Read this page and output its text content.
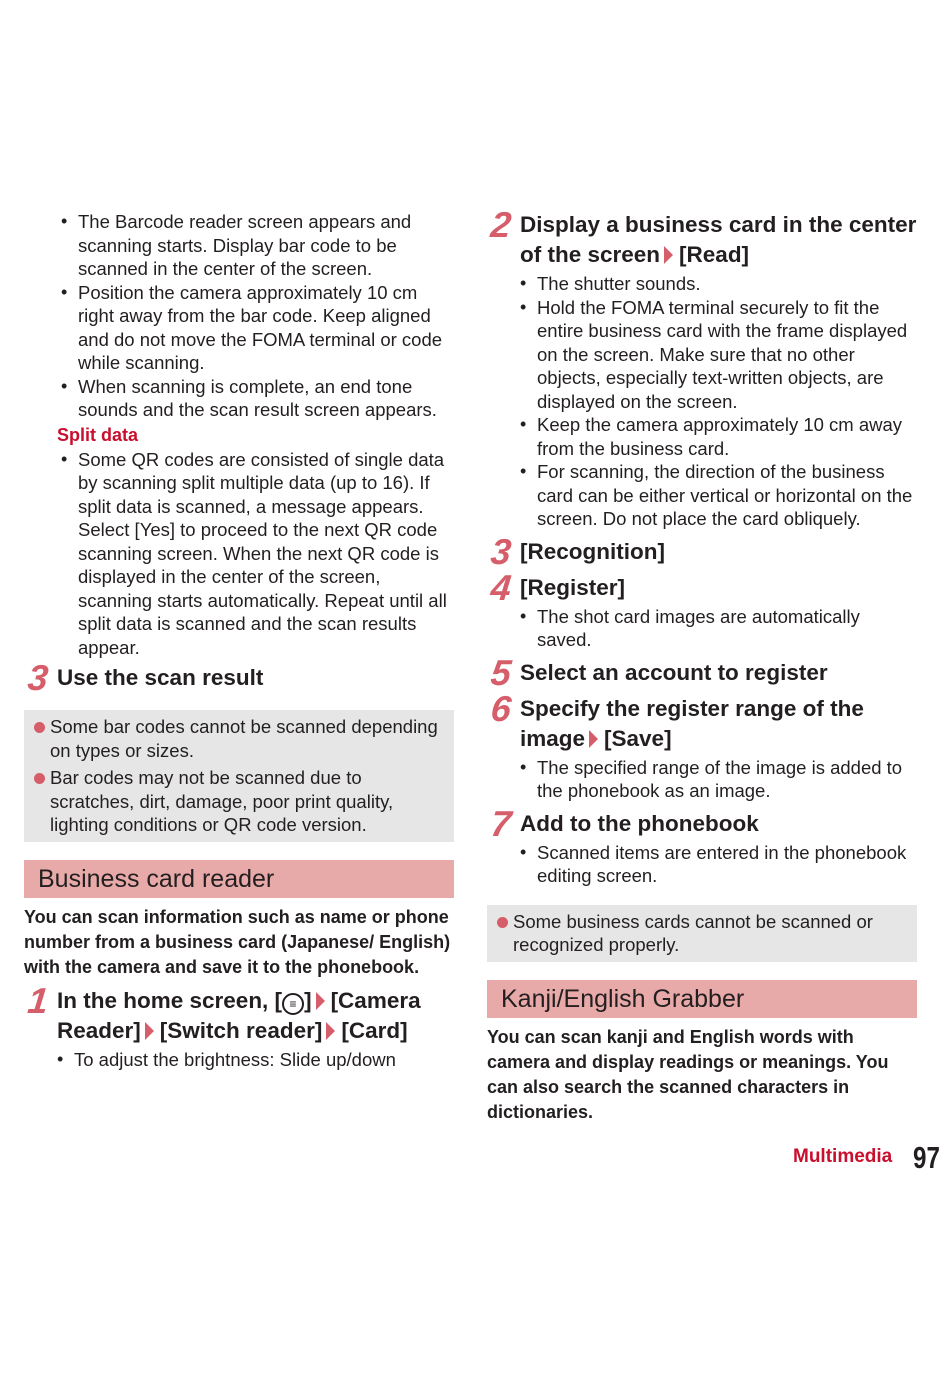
• The Barcode reader screen appears and scanning starts. Display bar code to be scanned in the center of the screen.
• Position the camera approximately 10 cm right away from the bar code. Keep aligned and do not move the FOMA terminal or code while scanning.
• When scanning is complete, an end tone sounds and the scan result screen appears.
Split data
• Some QR codes are consisted of single data by scanning split multiple data (up to 16). If split data is scanned, a message appears. Select [Yes] to proceed to the next QR code scanning screen. When the next QR code is displayed in the center of the screen, scanning starts automatically. Repeat until all split data is scanned and the scan results appear.
3 Use the scan result
Some bar codes cannot be scanned depending on types or sizes.
Bar codes may not be scanned due to scratches, dirt, damage, poor print quality, lighting conditions or QR code version.
Business card reader

You can scan information such as name or phone number from a business card (Japanese/ English) with the camera and save it to the phonebook.

1 In the home screen, [ ≡ ] [Camera Reader] [Switch reader] [Card]
• To adjust the brightness: Slide up/down
2 Display a business card in the center of the screen [Read]
• The shutter sounds.
• Hold the FOMA terminal securely to fit the entire business card with the frame displayed on the screen. Make sure that no other objects, especially text-written objects, are displayed on the screen.
• Keep the camera approximately 10 cm away from the business card.
• For scanning, the direction of the business card can be either vertical or horizontal on the screen. Do not place the card obliquely.
3 [Recognition]
4 [Register]
• The shot card images are automatically saved.
5 Select an account to register
6 Specify the register range of the image [Save]
• The specified range of the image is added to the phonebook as an image.
7 Add to the phonebook
• Scanned items are entered in the phonebook editing screen.
Some business cards cannot be scanned or recognized properly.
Kanji/English Grabber

You can scan kanji and English words with camera and display readings or meanings. You can also search the scanned characters in dictionaries.

Multimedia 97
